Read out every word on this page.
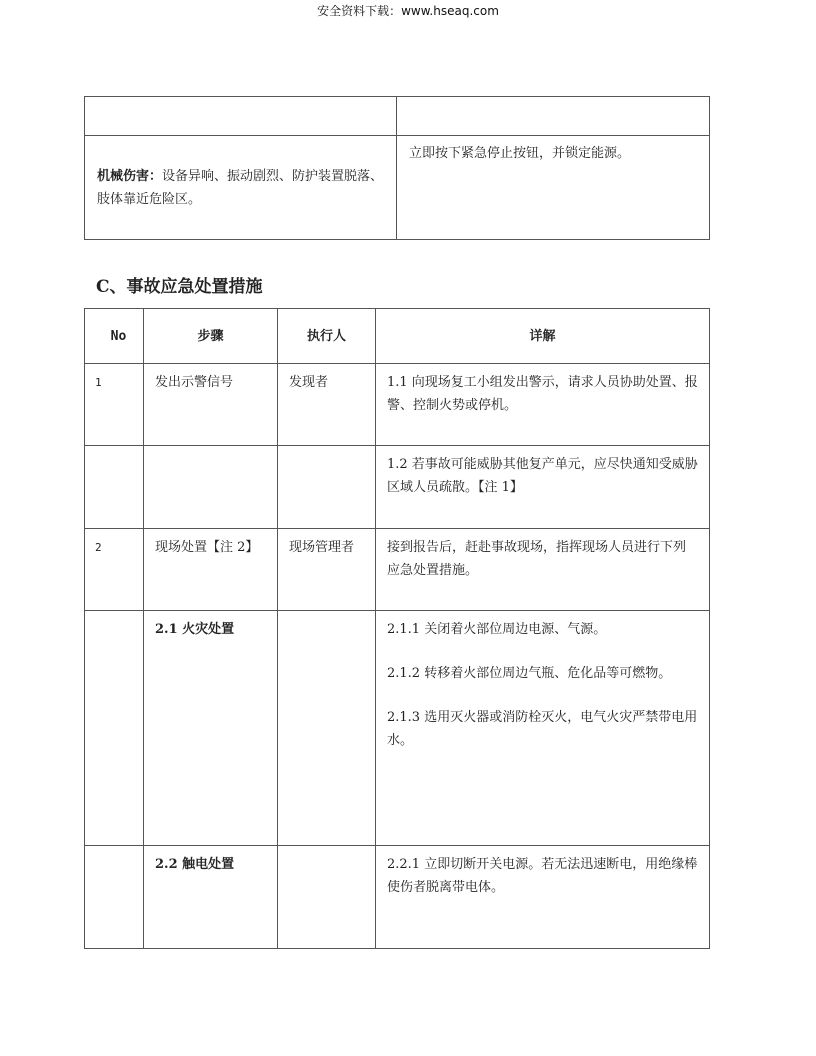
安全资料下载：www.hseaq.com

机械伤害：设备异响、振动剧烈、防护装置脱落、肢体靠近危险区。	立即按下紧急停止按钮，并锁定能源。
C、事故应急处置措施
No	步骤	执行人	详解
1	发出示警信号	发现者	1.1 向现场复工小组发出警示，请求人员协助处置、报警、控制火势或停机。

			1.2 若事故可能威胁其他复产单元，应尽快通知受威胁区域人员疏散。【注 1】

2	现场处置【注 2】	现场管理者	接到报告后，赶赴事故现场，指挥现场人员进行下列应急处置措施。

	2.1 火灾处置		2.1.1 关闭着火部位周边电源、气源。
2.1.2 转移着火部位周边气瓶、危化品等可燃物。
2.1.3 选用灭火器或消防栓灭火，电气火灾严禁带电用水。

	2.2 触电处置		2.2.1 立即切断开关电源。若无法迅速断电，用绝缘棒使伤者脱离带电体。
